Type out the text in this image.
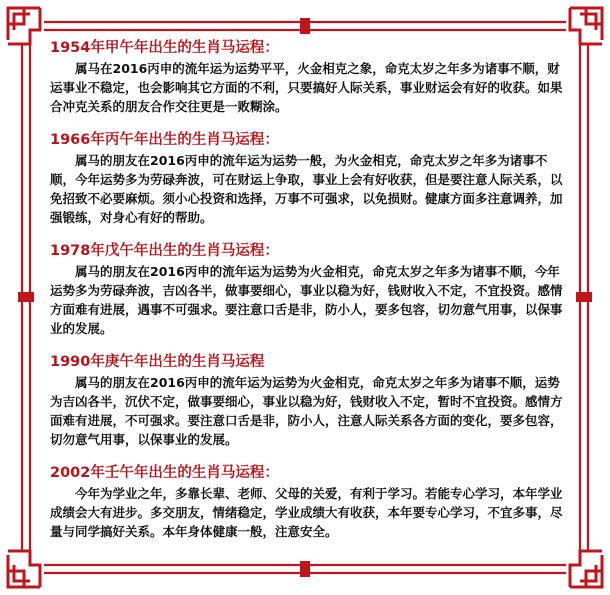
1954年甲午年出生的生肖马运程：

属马在2016丙申的流年运为运势平平，火金相克之象，命克太岁之年多为诸事不顺，财运事业不稳定，也会影响其它方面的不利，只要搞好人际关系，事业财运会有好的收获。如果合冲克关系的朋友合作交往更是一败糊涂。

1966年丙午年出生的生肖马运程：

属马的朋友在2016丙申的流年运为运势一般，为火金相克，命克太岁之年多为诸事不顺，今年运势多为劳碌奔波，可在财运上争取，事业上会有好收获，但是要注意人际关系，以免招致不必要麻烦。须小心投资和选择，万事不可强求，以免损财。健康方面多注意调养，加强锻练，对身心有好的帮助。

1978年戊午年出生的生肖马运程：

属马的朋友在2016丙申的流年运为运势为火金相克，命克太岁之年多为诸事不顺，今年运势多为劳碌奔波，吉凶各半，做事要细心，事业以稳为好，钱财收入不定，不宜投资。感情方面难有进展，遇事不可强求。要注意口舌是非，防小人，要多包容，切勿意气用事，以保事业的发展。

1990年庚午年出生的生肖马运程

属马的朋友在2016丙申的流年运为运势为火金相克，命克太岁之年多为诸事不顺，运势为吉凶各半，沉伏不定，做事要细心，事业以稳为好，钱财收入不定，暂时不宜投资。感情方面难有进展，不可强求。要注意口舌是非，防小人，注意人际关系各方面的变化，要多包容，切勿意气用事，以保事业的发展。

2002年壬午年出生的生肖马运程：

今年为学业之年，多靠长辈、老师、父母的关爱，有利于学习。若能专心学习，本年学业成绩会大有进步。多交朋友，情绪稳定，学业成绩大有收获，本年要专心学习，不宜多事，尽量与同学搞好关系。本年身体健康一般，注意安全。
